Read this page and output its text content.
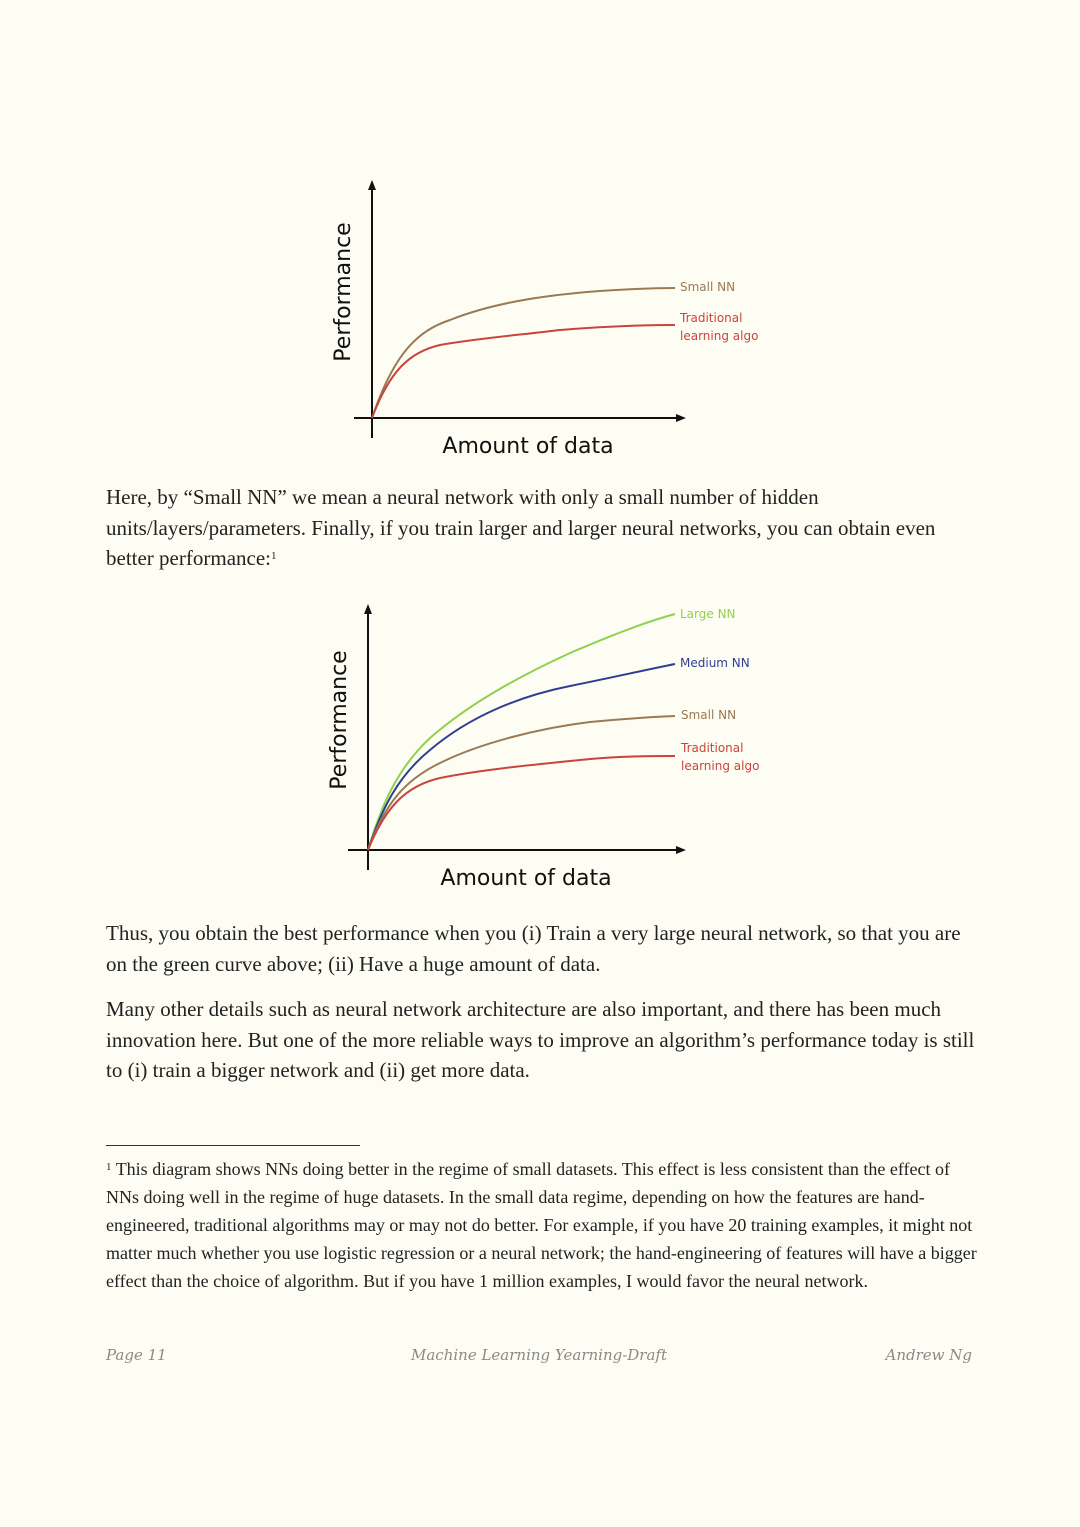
Small NN
Traditional
learning algo
Performance
Amount of data

Here, by “Small NN” we mean a neural network with only a small number of hidden units/layers/parameters. Finally, if you train larger and larger neural networks, you can obtain even better performance:$^1$

Large NN
Medium NN
Small NN
Traditional
learning algo
Performance
Amount of data

Thus, you obtain the best performance when you (i) Train a very large neural network, so that you are on the green curve above; (ii) Have a huge amount of data.

Many other details such as neural network architecture are also important, and there has been much innovation here. But one of the more reliable ways to improve an algorithm’s performance today is still to (i) train a bigger network and (ii) get more data.

$^1$ This diagram shows NNs doing better in the regime of small datasets. This effect is less consistent than the effect of NNs doing well in the regime of huge datasets. In the small data regime, depending on how the features are hand-engineered, traditional algorithms may or may not do better. For example, if you have 20 training examples, it might not matter much whether you use logistic regression or a neural network; the hand-engineering of features will have a bigger effect than the choice of algorithm. But if you have 1 million examples, I would favor the neural network.

Page 11	Machine Learning Yearning-Draft	Andrew Ng
